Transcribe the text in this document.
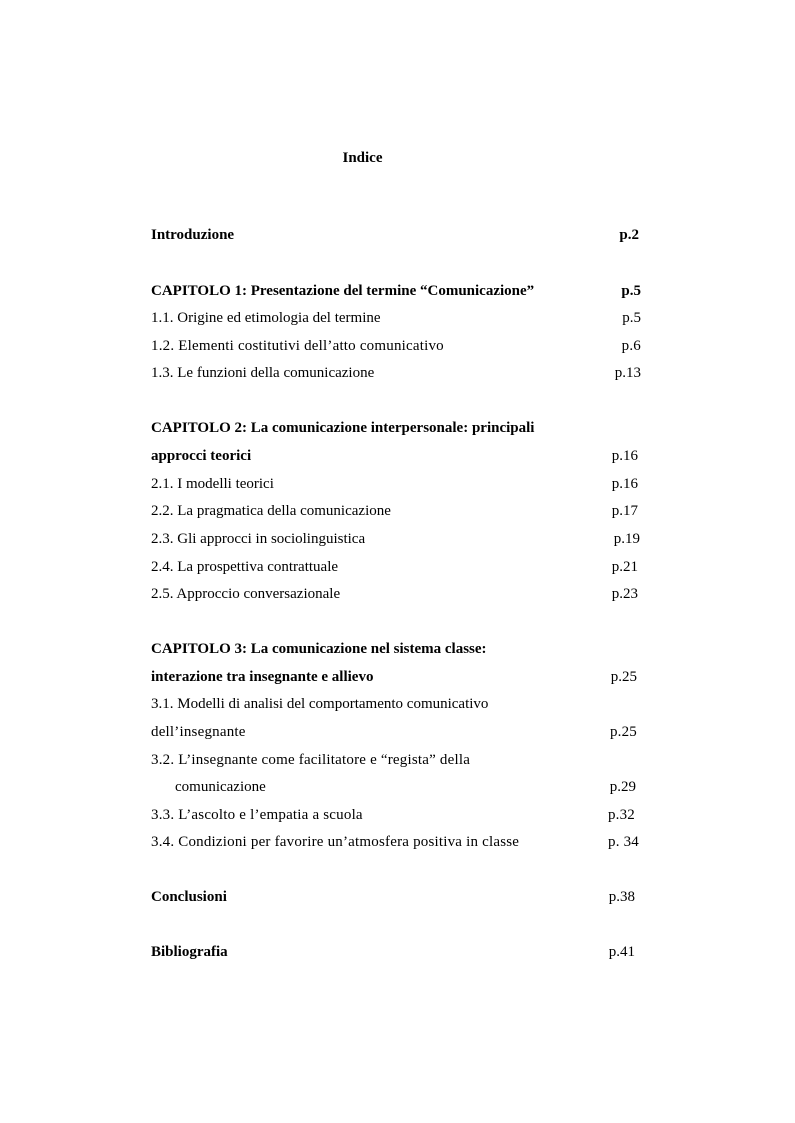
Indice
Introduzione	p.2
CAPITOLO 1: Presentazione del termine “Comunicazione”	p.5
1.1. Origine ed etimologia del termine	p.5
1.2. Elementi costitutivi dell’atto comunicativo	p.6
1.3. Le funzioni della comunicazione	p.13
CAPITOLO 2: La comunicazione interpersonale: principali
approcci teorici	p.16
2.1. I modelli teorici	p.16
2.2. La pragmatica della comunicazione	p.17
2.3. Gli approcci in sociolinguistica	p.19
2.4. La prospettiva contrattuale	p.21
2.5. Approccio conversazionale	p.23
CAPITOLO 3: La comunicazione nel sistema classe:
interazione tra insegnante e allievo	p.25
3.1. Modelli di analisi del comportamento comunicativo
dell’insegnante	p.25
3.2. L’insegnante come facilitatore e “regista” della
comunicazione	p.29
3.3. L’ascolto e l’empatia a scuola	p.32
3.4. Condizioni per favorire un’atmosfera positiva in classe	p. 34
Conclusioni	p.38
Bibliografia	p.41
